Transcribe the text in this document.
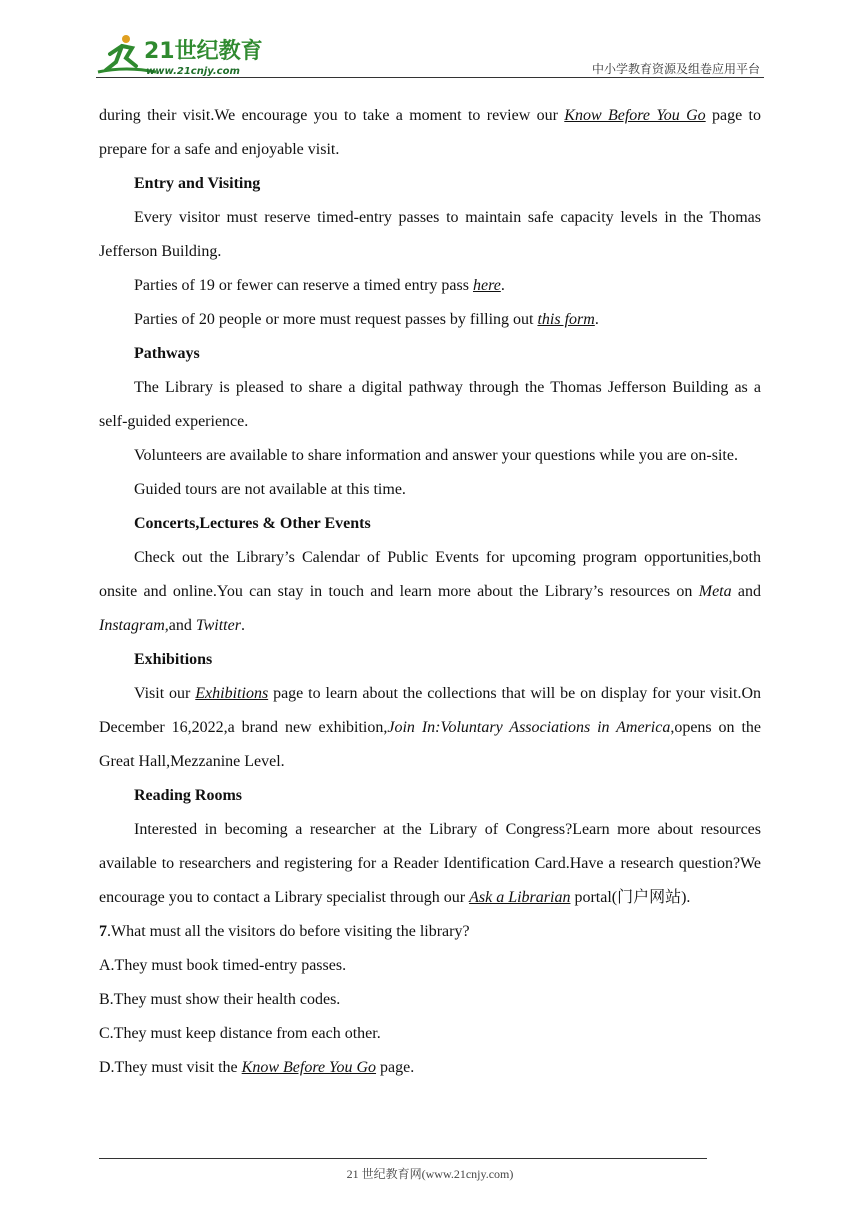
21世纪教育
www.21cnjy.com	中小学教育资源及组卷应用平台

during their visit.We encourage you to take a moment to review our Know Before You Go page to prepare for a safe and enjoyable visit.

Entry and Visiting

Every visitor must reserve timed-entry passes to maintain safe capacity levels in the Thomas Jefferson Building.

Parties of 19 or fewer can reserve a timed entry pass here.

Parties of 20 people or more must request passes by filling out this form.

Pathways

The Library is pleased to share a digital pathway through the Thomas Jefferson Building as a self-guided experience.

Volunteers are available to share information and answer your questions while you are on-site.

Guided tours are not available at this time.

Concerts,Lectures & Other Events

Check out the Library’s Calendar of Public Events for upcoming program opportunities,both onsite and online.You can stay in touch and learn more about the Library’s resources on Meta and Instagram,and Twitter.

Exhibitions

Visit our Exhibitions page to learn about the collections that will be on display for your visit.On December 16,2022,a brand new exhibition,Join In:Voluntary Associations in America,opens on the Great Hall,Mezzanine Level.

Reading Rooms

Interested in becoming a researcher at the Library of Congress?Learn more about resources available to researchers and registering for a Reader Identification Card.Have a research question?We encourage you to contact a Library specialist through our Ask a Librarian portal(门户网站).

7.What must all the visitors do before visiting the library?

A.They must book timed-entry passes.

B.They must show their health codes.

C.They must keep distance from each other.

D.They must visit the Know Before You Go page.

21 世纪教育网(www.21cnjy.com)
